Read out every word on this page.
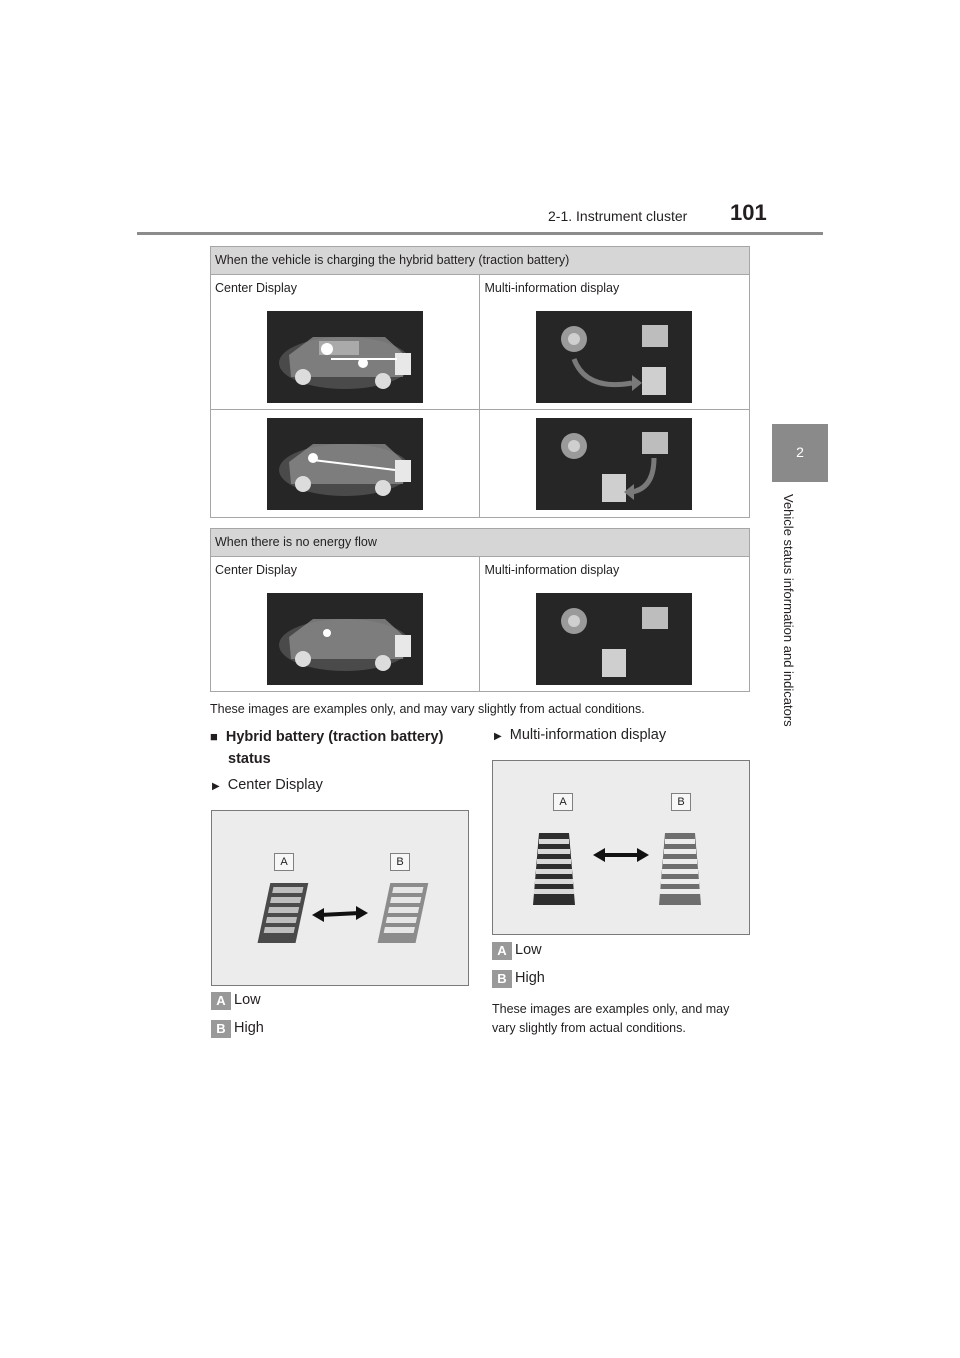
2-1. Instrument cluster 101
2
Vehicle status information and indicators
When the vehicle is charging the hybrid battery (traction battery)	

Center Display	Multi-information display

When there is no energy flow

Center Display	Multi-information display
These images are examples only, and may vary slightly from actual conditions.
■ Hybrid battery (traction battery)
status
▶ Center Display
A	B
A Low
B High
▶ Multi-information display
A	B
A Low
B High
These images are examples only, and may
vary slightly from actual conditions.
